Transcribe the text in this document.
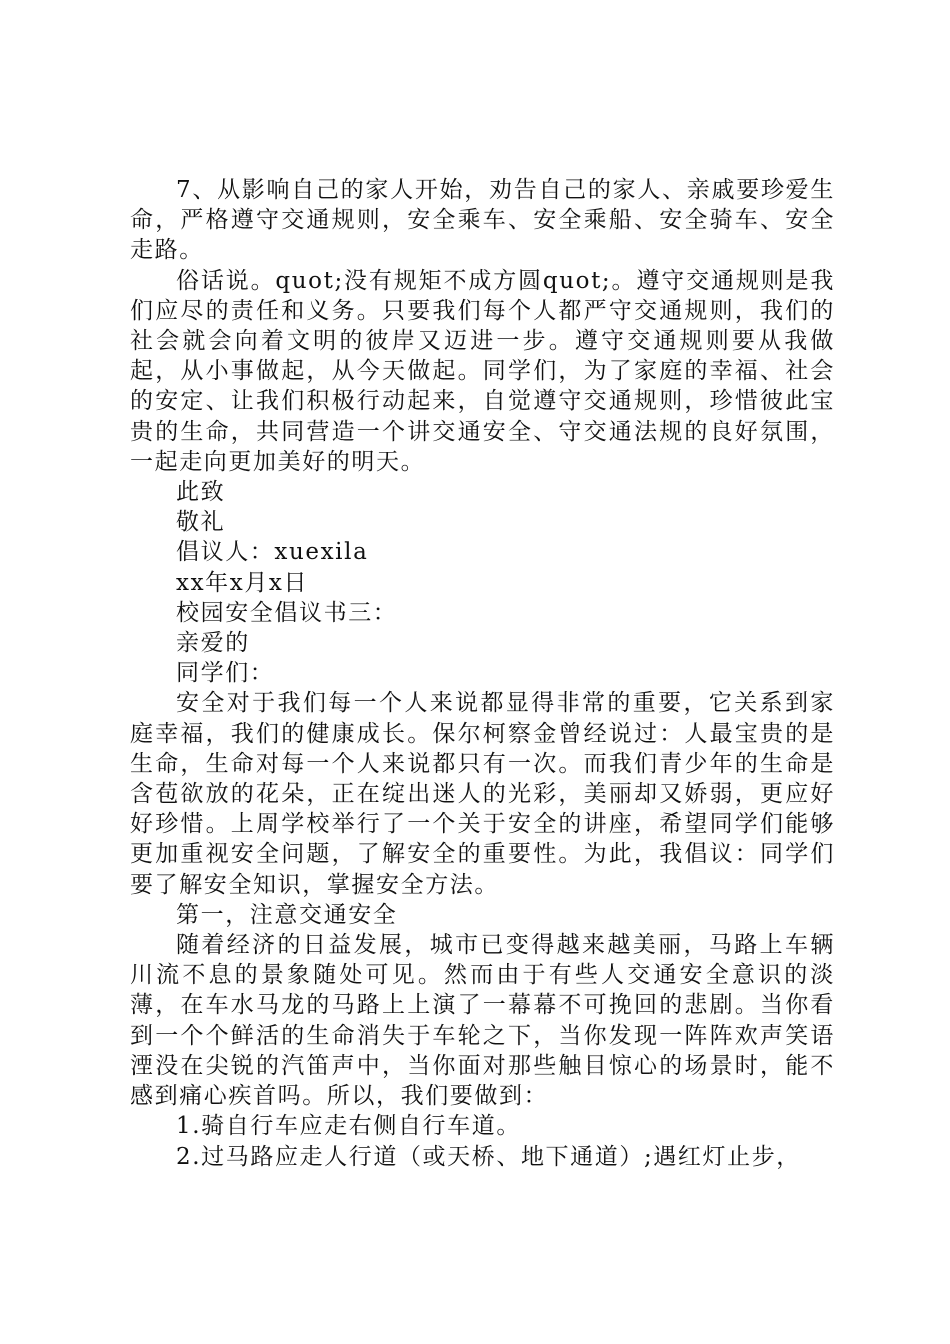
7、从影响自己的家人开始，劝告自己的家人、亲戚要珍爱生命，严格遵守交通规则，安全乘车、安全乘船、安全骑车、安全走路。

俗话说。quot;没有规矩不成方圆quot;。遵守交通规则是我们应尽的责任和义务。只要我们每个人都严守交通规则，我们的社会就会向着文明的彼岸又迈进一步。遵守交通规则要从我做起，从小事做起，从今天做起。同学们，为了家庭的幸福、社会的安定、让我们积极行动起来，自觉遵守交通规则，珍惜彼此宝贵的生命，共同营造一个讲交通安全、守交通法规的良好氛围，一起走向更加美好的明天。

此致

敬礼

倡议人：xuexila

xx年x月x日

校园安全倡议书三：

亲爱的

同学们：

安全对于我们每一个人来说都显得非常的重要，它关系到家庭幸福，我们的健康成长。保尔柯察金曾经说过：人最宝贵的是生命，生命对每一个人来说都只有一次。而我们青少年的生命是含苞欲放的花朵，正在绽出迷人的光彩，美丽却又娇弱，更应好好珍惜。上周学校举行了一个关于安全的讲座，希望同学们能够更加重视安全问题，了解安全的重要性。为此，我倡议：同学们要了解安全知识，掌握安全方法。

第一，注意交通安全

随着经济的日益发展，城市已变得越来越美丽，马路上车辆川流不息的景象随处可见。然而由于有些人交通安全意识的淡薄，在车水马龙的马路上上演了一幕幕不可挽回的悲剧。当你看到一个个鲜活的生命消失于车轮之下，当你发现一阵阵欢声笑语湮没在尖锐的汽笛声中，当你面对那些触目惊心的场景时，能不感到痛心疾首吗。所以，我们要做到：

1.骑自行车应走右侧自行车道。

2.过马路应走人行道（或天桥、地下通道）;遇红灯止步，
